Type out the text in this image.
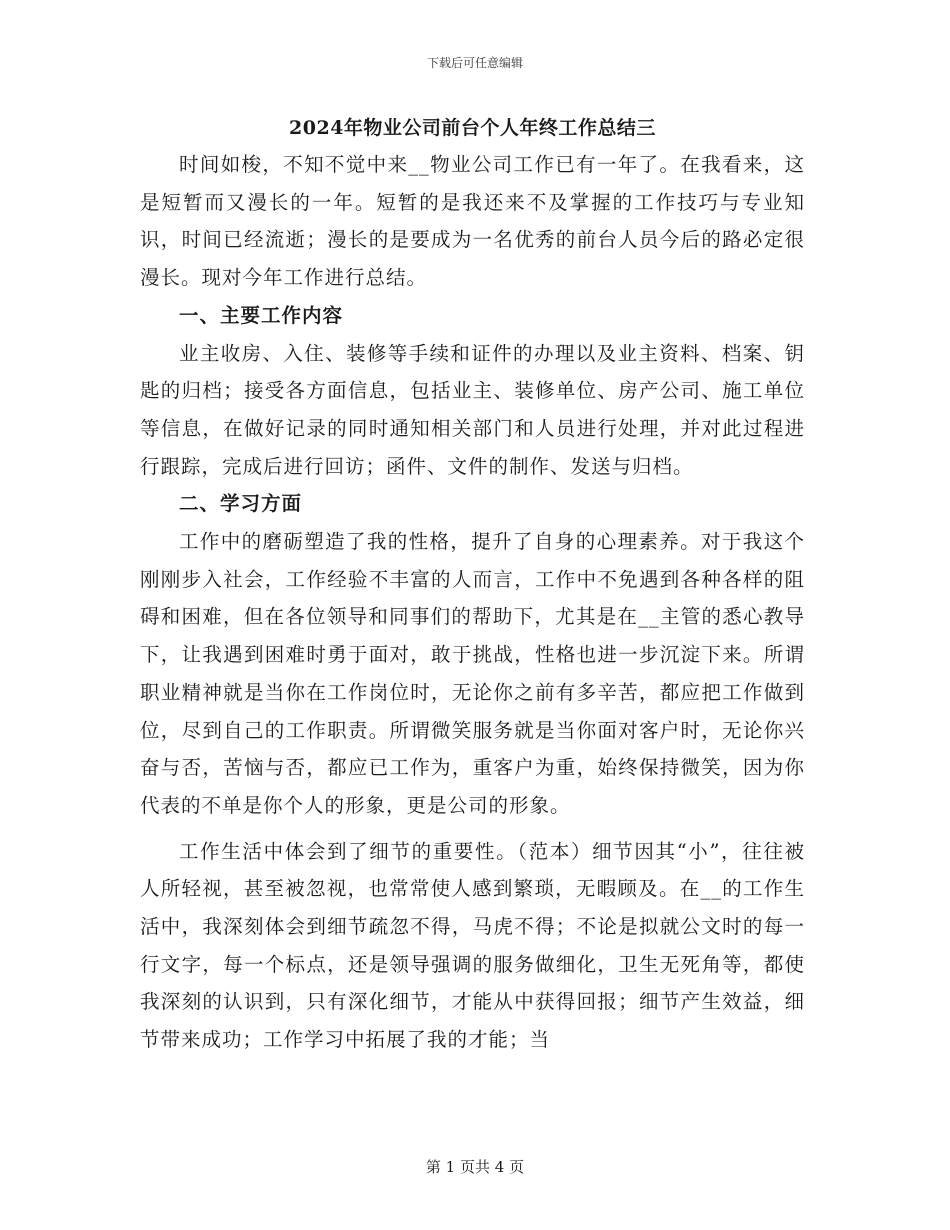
下载后可任意编辑
2024年物业公司前台个人年终工作总结三

时间如梭，不知不觉中来__物业公司工作已有一年了。在我看来，这是短暂而又漫长的一年。短暂的是我还来不及掌握的工作技巧与专业知识，时间已经流逝；漫长的是要成为一名优秀的前台人员今后的路必定很漫长。现对今年工作进行总结。

一、主要工作内容

业主收房、入住、装修等手续和证件的办理以及业主资料、档案、钥匙的归档；接受各方面信息，包括业主、装修单位、房产公司、施工单位等信息，在做好记录的同时通知相关部门和人员进行处理，并对此过程进行跟踪，完成后进行回访；函件、文件的制作、发送与归档。

二、学习方面

工作中的磨砺塑造了我的性格，提升了自身的心理素养。对于我这个刚刚步入社会，工作经验不丰富的人而言，工作中不免遇到各种各样的阻碍和困难，但在各位领导和同事们的帮助下，尤其是在__主管的悉心教导下，让我遇到困难时勇于面对，敢于挑战，性格也进一步沉淀下来。所谓职业精神就是当你在工作岗位时，无论你之前有多辛苦，都应把工作做到位，尽到自己的工作职责。所谓微笑服务就是当你面对客户时，无论你兴奋与否，苦恼与否，都应已工作为，重客户为重，始终保持微笑，因为你代表的不单是你个人的形象，更是公司的形象。

工作生活中体会到了细节的重要性。（范本）细节因其“小”，往往被人所轻视，甚至被忽视，也常常使人感到繁琐，无暇顾及。在__的工作生活中，我深刻体会到细节疏忽不得，马虎不得；不论是拟就公文时的每一行文字，每一个标点，还是领导强调的服务做细化，卫生无死角等，都使我深刻的认识到，只有深化细节，才能从中获得回报；细节产生效益，细节带来成功；工作学习中拓展了我的才能；当

第 1 页共 4 页
